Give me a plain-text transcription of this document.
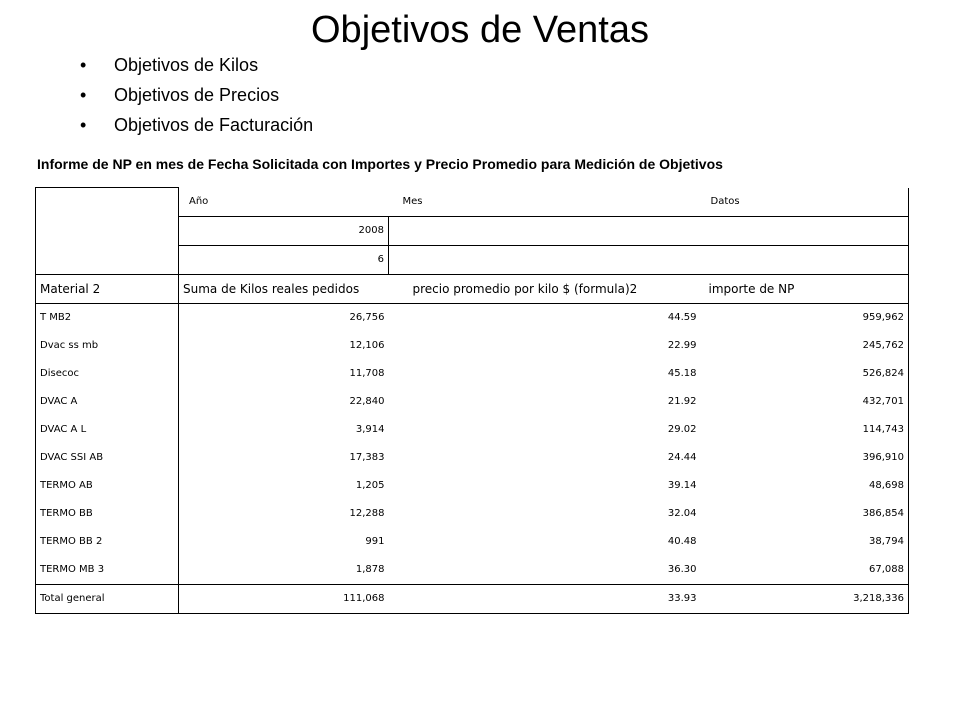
Objetivos de Ventas
• Objetivos de Kilos
• Objetivos de Precios
• Objetivos de Facturación
Informe de NP en mes de Fecha Solicitada con Importes y Precio Promedio para Medición de Objetivos
	Año	Mes	Datos
	2008		
	6		
Material 2	Suma de Kilos reales pedidos	precio promedio por kilo $ (formula)2	importe de NP
T MB2	26,756	44.59	959,962
Dvac ss mb	12,106	22.99	245,762
Disecoc	11,708	45.18	526,824
DVAC A	22,840	21.92	432,701
DVAC A L	3,914	29.02	114,743
DVAC SSI AB	17,383	24.44	396,910
TERMO AB	1,205	39.14	48,698
TERMO BB	12,288	32.04	386,854
TERMO BB 2	991	40.48	38,794
TERMO MB 3	1,878	36.30	67,088
Total general	111,068	33.93	3,218,336
